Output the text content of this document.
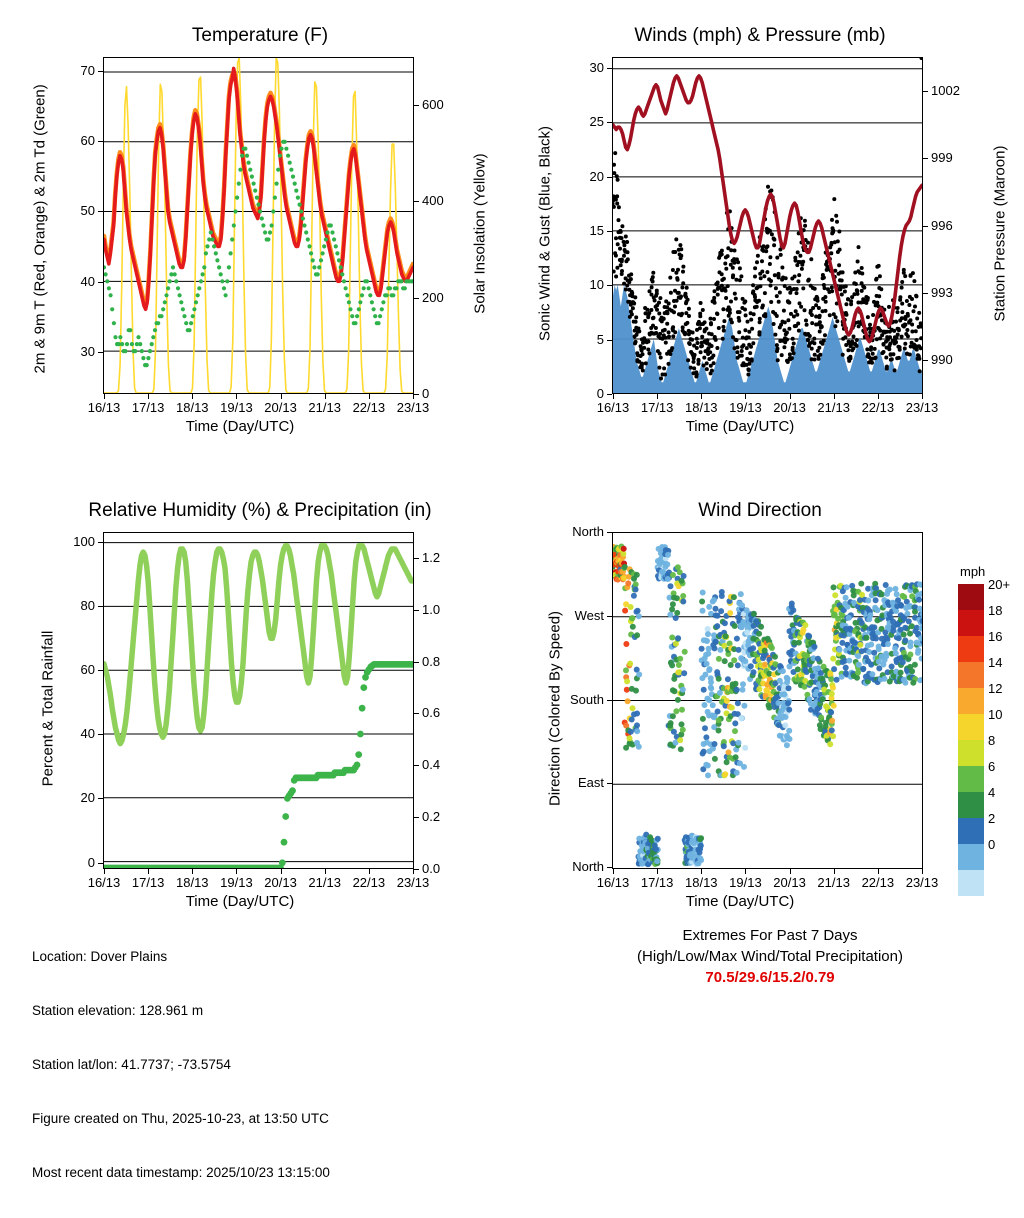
Temperature (F)
2m & 9m T (Red, Orange) & 2m Td (Green)	Solar Insolation (Yellow)
Time (Day/UTC)
Winds (mph) & Pressure (mb)
Sonic Wind & Gust (Blue, Black)	Station Pressure (Maroon)
Time (Day/UTC)
Relative Humidity (%) & Precipitation (in)
Percent & Total Rainfall
Time (Day/UTC)
Wind Direction
Direction (Colored By Speed)
Time (Day/UTC)
mph
20+
18
16
14
12
10
8
6
4
2
0

Location: Dover Plains

Station elevation: 128.961 m

Station lat/lon: 41.7737; -73.5754

Figure created on Thu, 2025-10-23, at 13:50 UTC

Most recent data timestamp: 2025/10/23 13:15:00

Extremes For Past 7 Days
(High/Low/Max Wind/Total Precipitation)
70.5/29.6/15.2/0.79
16/13 17/13 18/13 19/13 20/13 21/13 22/13 23/13
30
40
50
60
70
0
200
400
600
16/13 17/13 18/13 19/13 20/13 21/13 22/13 23/13
0
5
10
15
20
25
30
990
993
996
999
1002
16/13 17/13 18/13 19/13 20/13 21/13 22/13 23/13
0
20
40
60
80
100
0.0
0.2
0.4
0.6
0.8
1.0
1.2
16/13 17/13 18/13 19/13 20/13 21/13 22/13 23/13
North
West
South
East
North
